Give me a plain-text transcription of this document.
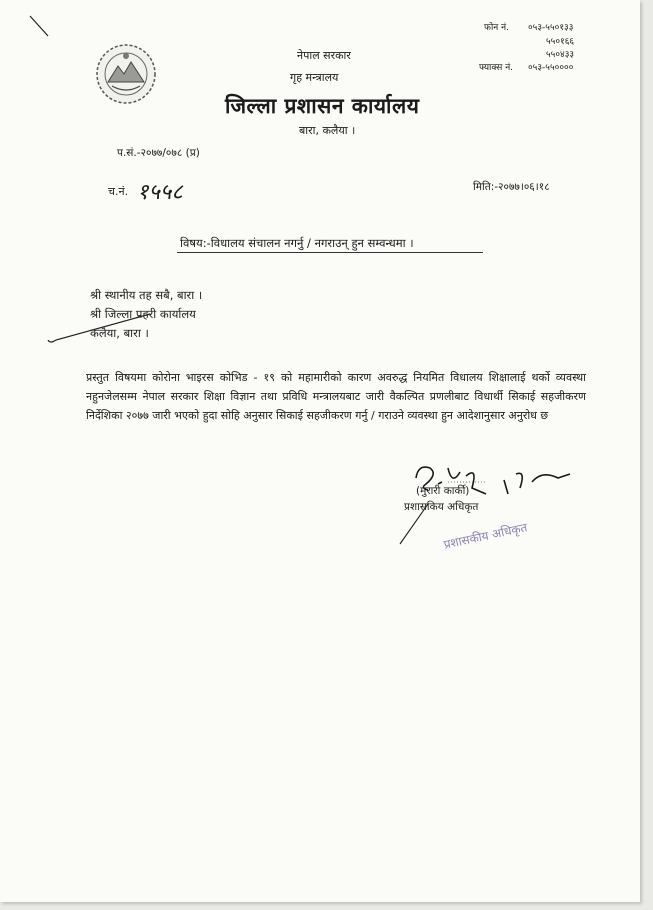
फोन नं. ०५३-५५०१३३
५५०१६६
५५०४३३
फ्याक्स नं. ०५३-५५००००
नेपाल सरकार
गृह मन्त्रालय
जिल्ला प्रशासन कार्यालय
बारा, कलैया ।
प.सं.-२०७७/०७८ (प्र)
च.नं. १५५८	मिति:-२०७७।०६।१८
विषय:-विधालय संचालन नगर्नु / नगराउन् हुन सम्वन्धमा ।
श्री स्थानीय तह सबै, बारा ।
श्री जिल्ला प्रहरी कार्यालय
कलैया, बारा ।
प्रस्तुत विषयमा कोरोना भाइरस कोभिड - १९ को महामारीको कारण अवरुद्ध नियमित विधालय शिक्षालाई थर्को व्यवस्था नहुनजेलसम्म नेपाल सरकार शिक्षा विज्ञान तथा प्रविधि मन्त्रालयबाट जारी वैकल्पित प्रणलीबाट विधार्थी सिकाई सहजीकरण निर्देशिका २०७७ जारी भएको हुदा सोहि अनुसार सिकाई सहजीकरण गर्नु / गराउने व्यवस्था हुन आदेशानुसार अनुरोध छ
(मुरारी कार्की)
प्रशासकिय अधिकृत
प्रशासकीय अधिकृत
